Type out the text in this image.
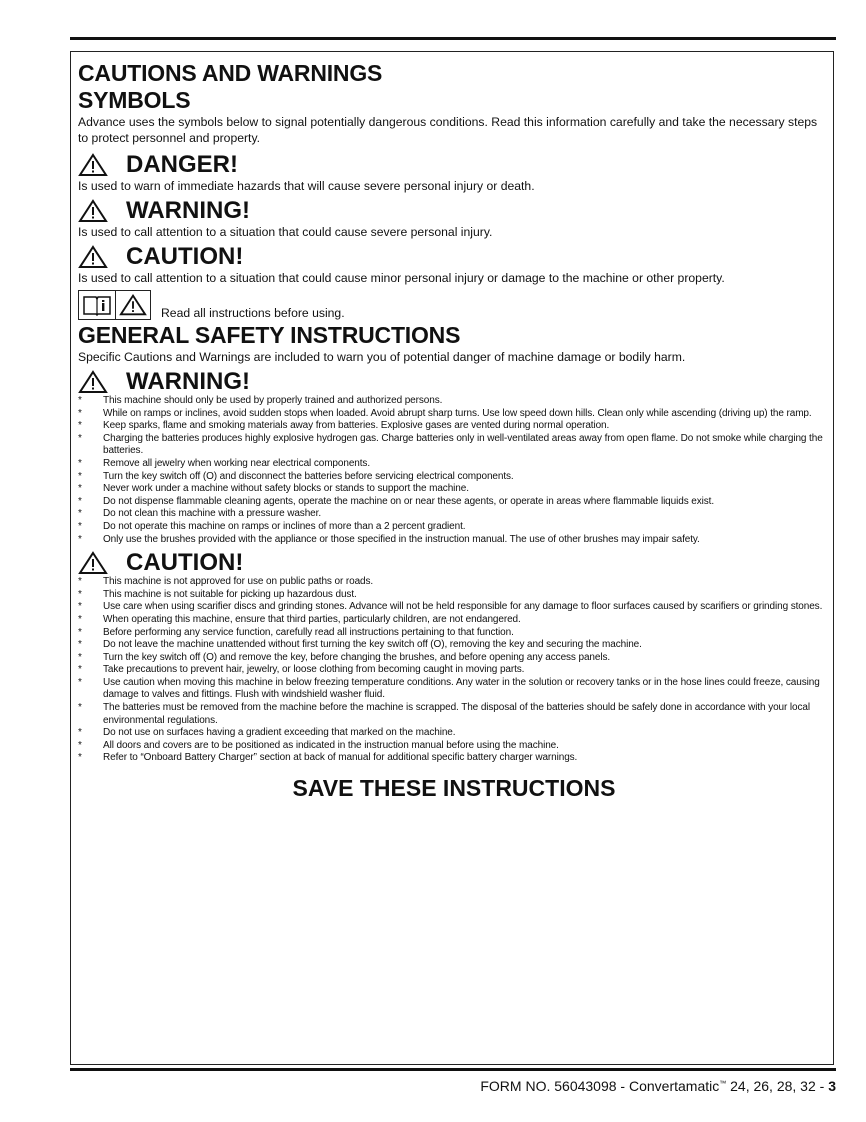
CAUTIONS AND WARNINGS
SYMBOLS

Advance uses the symbols below to signal potentially dangerous conditions. Read this information carefully and take the necessary steps to protect personnel and property.

DANGER!

Is used to warn of immediate hazards that will cause severe personal injury or death.

WARNING!

Is used to call attention to a situation that could cause severe personal injury.

CAUTION!

Is used to call attention to a situation that could cause minor personal injury or damage to the machine or other property.

Read all instructions before using.
GENERAL SAFETY INSTRUCTIONS

Specific Cautions and Warnings are included to warn you of potential danger of machine damage or bodily harm.

WARNING!
* This machine should only be used by properly trained and authorized persons.
* While on ramps or inclines, avoid sudden stops when loaded. Avoid abrupt sharp turns. Use low speed down hills. Clean only while ascending (driving up) the ramp.
* Keep sparks, flame and smoking materials away from batteries. Explosive gases are vented during normal operation.
* Charging the batteries produces highly explosive hydrogen gas. Charge batteries only in well-ventilated areas away from open flame. Do not smoke while charging the batteries.
* Remove all jewelry when working near electrical components.
* Turn the key switch off (O) and disconnect the batteries before servicing electrical components.
* Never work under a machine without safety blocks or stands to support the machine.
* Do not dispense flammable cleaning agents, operate the machine on or near these agents, or operate in areas where flammable liquids exist.
* Do not clean this machine with a pressure washer.
* Do not operate this machine on ramps or inclines of more than a 2 percent gradient.
* Only use the brushes provided with the appliance or those specified in the instruction manual. The use of other brushes may impair safety.
CAUTION!
* This machine is not approved for use on public paths or roads.
* This machine is not suitable for picking up hazardous dust.
* Use care when using scarifier discs and grinding stones. Advance will not be held responsible for any damage to floor surfaces caused by scarifiers or grinding stones.
* When operating this machine, ensure that third parties, particularly children, are not endangered.
* Before performing any service function, carefully read all instructions pertaining to that function.
* Do not leave the machine unattended without first turning the key switch off (O), removing the key and securing the machine.
* Turn the key switch off (O) and remove the key, before changing the brushes, and before opening any access panels.
* Take precautions to prevent hair, jewelry, or loose clothing from becoming caught in moving parts.
* Use caution when moving this machine in below freezing temperature conditions. Any water in the solution or recovery tanks or in the hose lines could freeze, causing damage to valves and fittings. Flush with windshield washer fluid.
* The batteries must be removed from the machine before the machine is scrapped. The disposal of the batteries should be safely done in accordance with your local environmental regulations.
* Do not use on surfaces having a gradient exceeding that marked on the machine.
* All doors and covers are to be positioned as indicated in the instruction manual before using the machine.
* Refer to “Onboard Battery Charger” section at back of manual for additional specific battery charger warnings.
SAVE THESE INSTRUCTIONS
FORM NO. 56043098 - Convertamatic™ 24, 26, 28, 32 - 3
